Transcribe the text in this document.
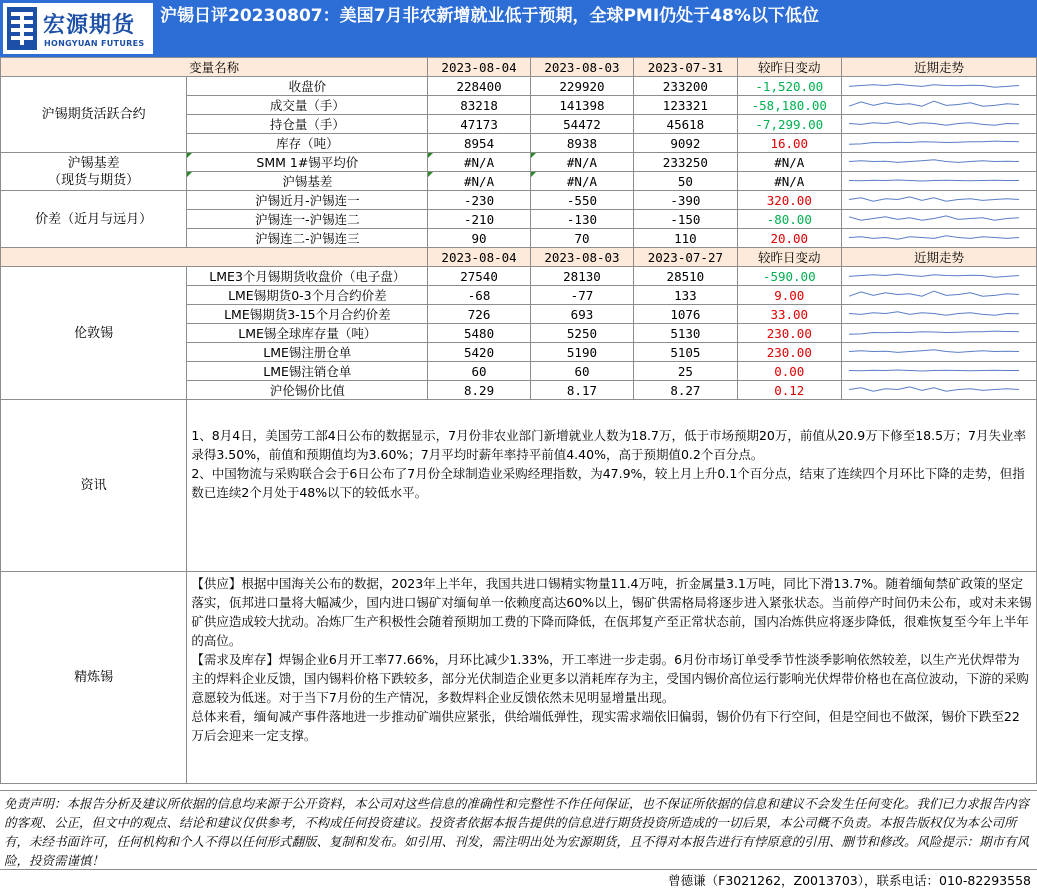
宏源期货
HONGYUAN FUTURES
沪锡日评20230807：美国7月非农新增就业低于预期，全球PMI仍处于48%以下低位
变量名称		2023-08-04	2023-08-03	2023-07-31	较昨日变动	近期走势
沪锡期货活跃合约	收盘价	228400	229920	233200	-1,520.00	

	成交量（手）	83218	141398	123321	-58,180.00	

	持仓量（手）	47173	54472	45618	-7,299.00	

	库存（吨）	8954	8938	9092	16.00	

沪锡基差
（现货与期货）	SMM 1#锡平均价	#N/A	#N/A	233250	#N/A	

	沪锡基差	#N/A	#N/A	50	#N/A	

价差（近月与远月）	沪锡近月-沪锡连一	-230	-550	-390	320.00	

	沪锡连一-沪锡连二	-210	-130	-150	-80.00	

	沪锡连二-沪锡连三	90	70	110	20.00	

		2023-08-04	2023-08-03	2023-07-27	较昨日变动	近期走势
伦敦锡	LME3个月锡期货收盘价（电子盘）	27540	28130	28510	-590.00	

	LME锡期货0-3个月合约价差	-68	-77	133	9.00	

	LME锡期货3-15个月合约价差	726	693	1076	33.00	

	LME锡全球库存量（吨）	5480	5250	5130	230.00	

	LME锡注册仓单	5420	5190	5105	230.00	

	LME锡注销仓单	60	60	25	0.00	

	沪伦锡价比值	8.29	8.17	8.27	0.12	

资讯	1、8月4日，美国劳工部4日公布的数据显示，7月份非农业部门新增就业人数为18.7万，低于市场预期20万，前值从20.9万下修至18.5万；7月失业率录得3.50%，前值和预期值均为3.60%；7月平均时薪年率持平前值4.40%，高于预期值0.2个百分点。
2、中国物流与采购联合会于6日公布了7月份全球制造业采购经理指数，为47.9%，较上月上升0.1个百分点，结束了连续四个月环比下降的走势，但指数已连续2个月处于48%以下的较低水平。					

精炼锡	【供应】根据中国海关公布的数据，2023年上半年，我国共进口锡精实物量11.4万吨，折金属量3.1万吨，同比下滑13.7%。随着缅甸禁矿政策的坚定落实，佤邦进口量将大幅减少，国内进口锡矿对缅甸单一依赖度高达60%以上，锡矿供需格局将逐步进入紧张状态。当前停产时间仍未公布，或对未来锡矿供应造成较大扰动。冶炼厂生产积极性会随着预期加工费的下降而降低，在佤邦复产至正常状态前，国内冶炼供应将逐步降低，很难恢复至今年上半年的高位。
【需求及库存】焊锡企业6月开工率77.66%，月环比减少1.33%，开工率进一步走弱。6月份市场订单受季节性淡季影响依然较差，以生产光伏焊带为主的焊料企业反馈，国内锡料价格下跌较多，部分光伏制造企业更多以消耗库存为主，受国内锡价高位运行影响光伏焊带价格也在高位波动，下游的采购意愿较为低迷。对于当下7月份的生产情况，多数焊料企业反馈依然未见明显增量出现。
总体来看，缅甸减产事件落地进一步推动矿端供应紧张，供给端低弹性，现实需求端依旧偏弱，锡价仍有下行空间，但是空间也不做深，锡价下跌至22万后会迎来一定支撑。					
免责声明：本报告分析及建议所依据的信息均来源于公开资料，本公司对这些信息的准确性和完整性不作任何保证，也不保证所依据的信息和建议不会发生任何变化。我们已力求报告内容的客观、公正，但文中的观点、结论和建议仅供参考，不构成任何投资建议。投资者依据本报告提供的信息进行期货投资所造成的一切后果，本公司概不负责。本报告版权仅为本公司所有，未经书面许可，任何机构和个人不得以任何形式翻版、复制和发布。如引用、刊发，需注明出处为宏源期货，且不得对本报告进行有悖原意的引用、删节和修改。风险提示：期市有风险，投资需谨慎！
曾德谦（F3021262，Z0013703），联系电话：010-82293558
